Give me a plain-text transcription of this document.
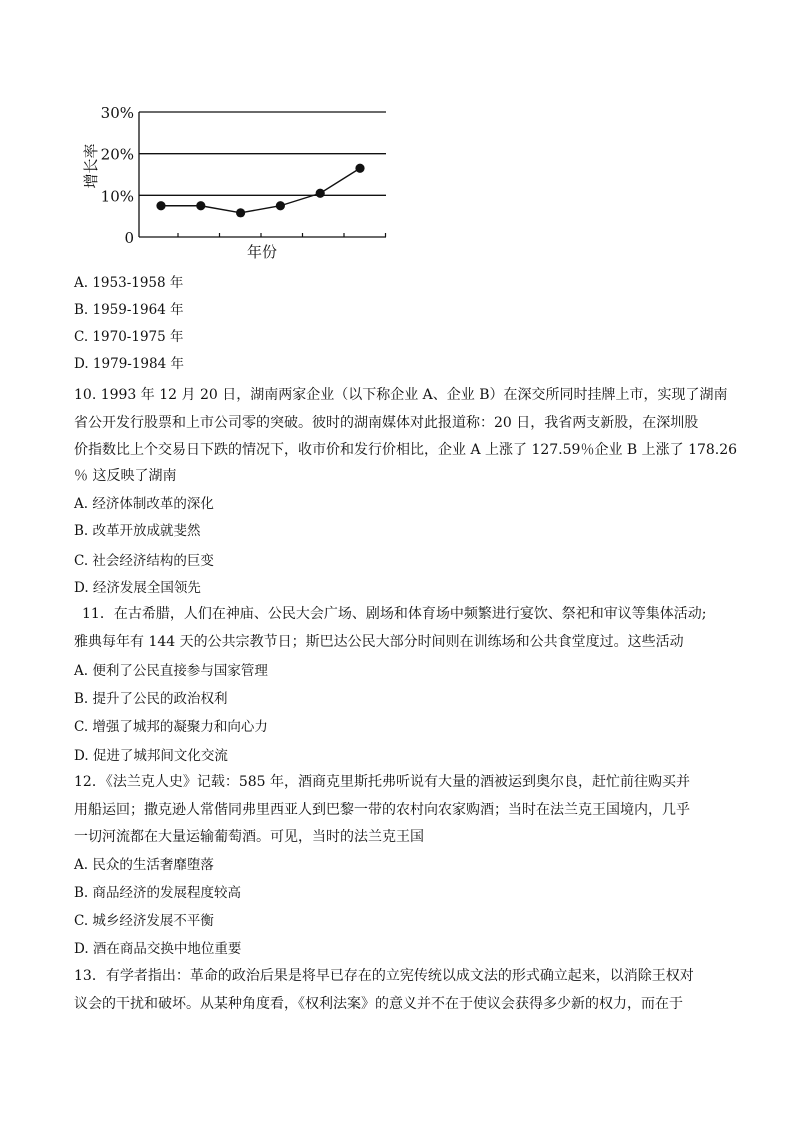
30%
20%
10%
0
增长率
年份
A. 1953-1958 年
B. 1959-1964 年
C. 1970-1975 年
D. 1979-1984 年
10. 1993 年 12 月 20 日，湖南两家企业（以下称企业 A、企业 B）在深交所同时挂牌上市，实现了湖南
省公开发行股票和上市公司零的突破。彼时的湖南媒体对此报道称：20 日，我省两支新股，在深圳股
价指数比上个交易日下跌的情况下，收市价和发行价相比，企业 A 上涨了 127.59％企业 B 上涨了 178.26
％ 这反映了湖南
A. 经济体制改革的深化
B. 改革开放成就斐然
C. 社会经济结构的巨变
D. 经济发展全国领先
11．在古希腊，人们在神庙、公民大会广场、剧场和体育场中频繁进行宴饮、祭祀和审议等集体活动;
雅典每年有 144 天的公共宗教节日；斯巴达公民大部分时间则在训练场和公共食堂度过。这些活动
A. 便利了公民直接参与国家管理
B. 提升了公民的政治权利
C. 增强了城邦的凝聚力和向心力
D. 促进了城邦间文化交流
12．《法兰克人史》记载：585 年，酒商克里斯托弗听说有大量的酒被运到奥尔良，赶忙前往购买并
用船运回；撒克逊人常偕同弗里西亚人到巴黎一带的农村向农家购酒；当时在法兰克王国境内，几乎
一切河流都在大量运输葡萄酒。可见，当时的法兰克王国
A. 民众的生活奢靡堕落
B. 商品经济的发展程度较高
C. 城乡经济发展不平衡
D. 酒在商品交换中地位重要
13．有学者指出：革命的政治后果是将早已存在的立宪传统以成文法的形式确立起来，以消除王权对
议会的干扰和破坏。从某种角度看，《权利法案》的意义并不在于使议会获得多少新的权力，而在于
